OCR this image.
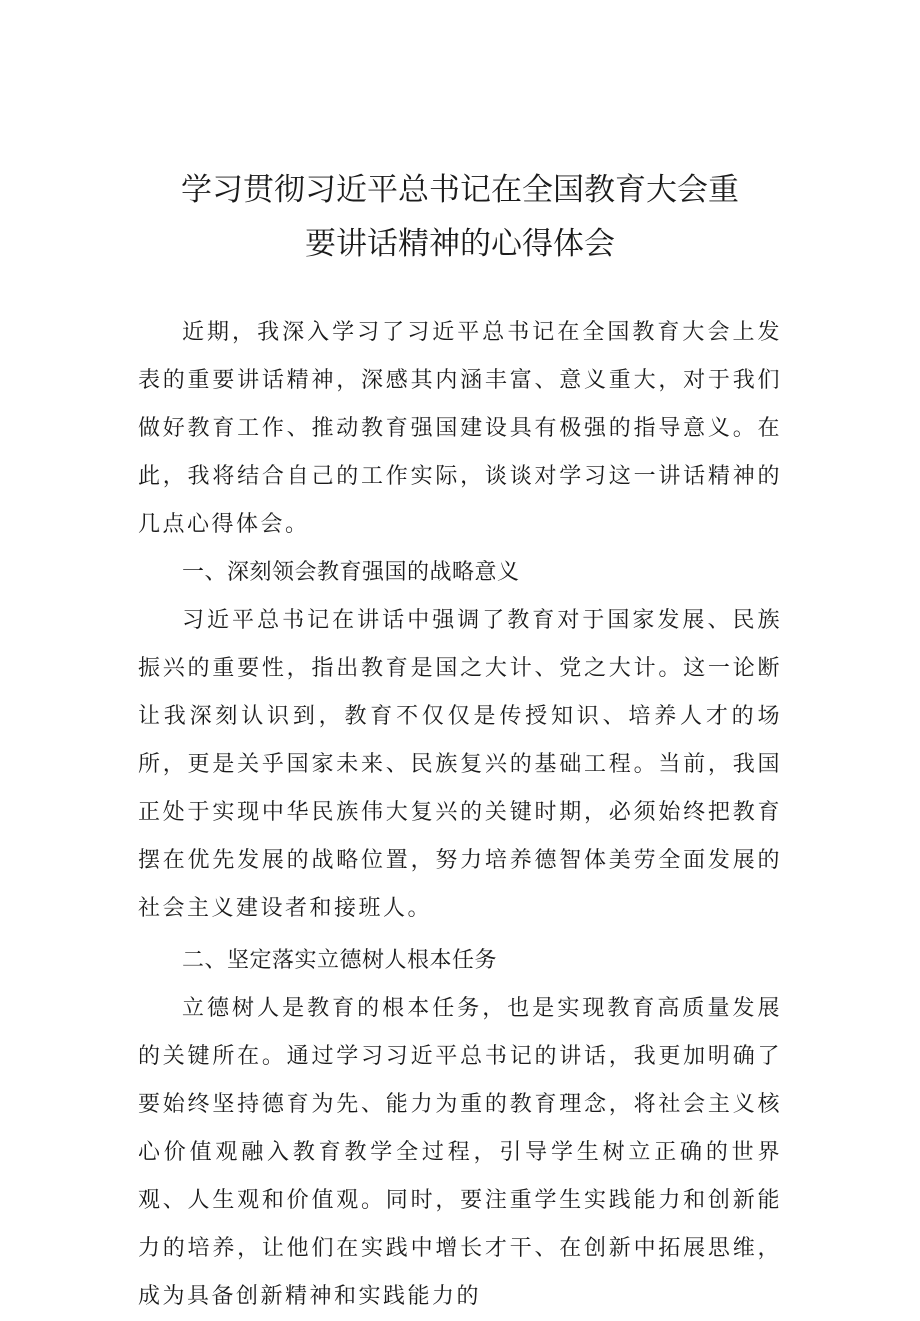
学习贯彻习近平总书记在全国教育大会重
要讲话精神的心得体会

近期，我深入学习了习近平总书记在全国教育大会上发表的重要讲话精神，深感其内涵丰富、意义重大，对于我们做好教育工作、推动教育强国建设具有极强的指导意义。在此，我将结合自己的工作实际，谈谈对学习这一讲话精神的几点心得体会。

一、深刻领会教育强国的战略意义

习近平总书记在讲话中强调了教育对于国家发展、民族振兴的重要性，指出教育是国之大计、党之大计。这一论断让我深刻认识到，教育不仅仅是传授知识、培养人才的场所，更是关乎国家未来、民族复兴的基础工程。当前，我国正处于实现中华民族伟大复兴的关键时期，必须始终把教育摆在优先发展的战略位置，努力培养德智体美劳全面发展的社会主义建设者和接班人。

二、坚定落实立德树人根本任务

立德树人是教育的根本任务，也是实现教育高质量发展的关键所在。通过学习习近平总书记的讲话，我更加明确了要始终坚持德育为先、能力为重的教育理念，将社会主义核心价值观融入教育教学全过程，引导学生树立正确的世界观、人生观和价值观。同时，要注重学生实践能力和创新能力的培养，让他们在实践中增长才干、在创新中拓展思维，成为具备创新精神和实践能力的
